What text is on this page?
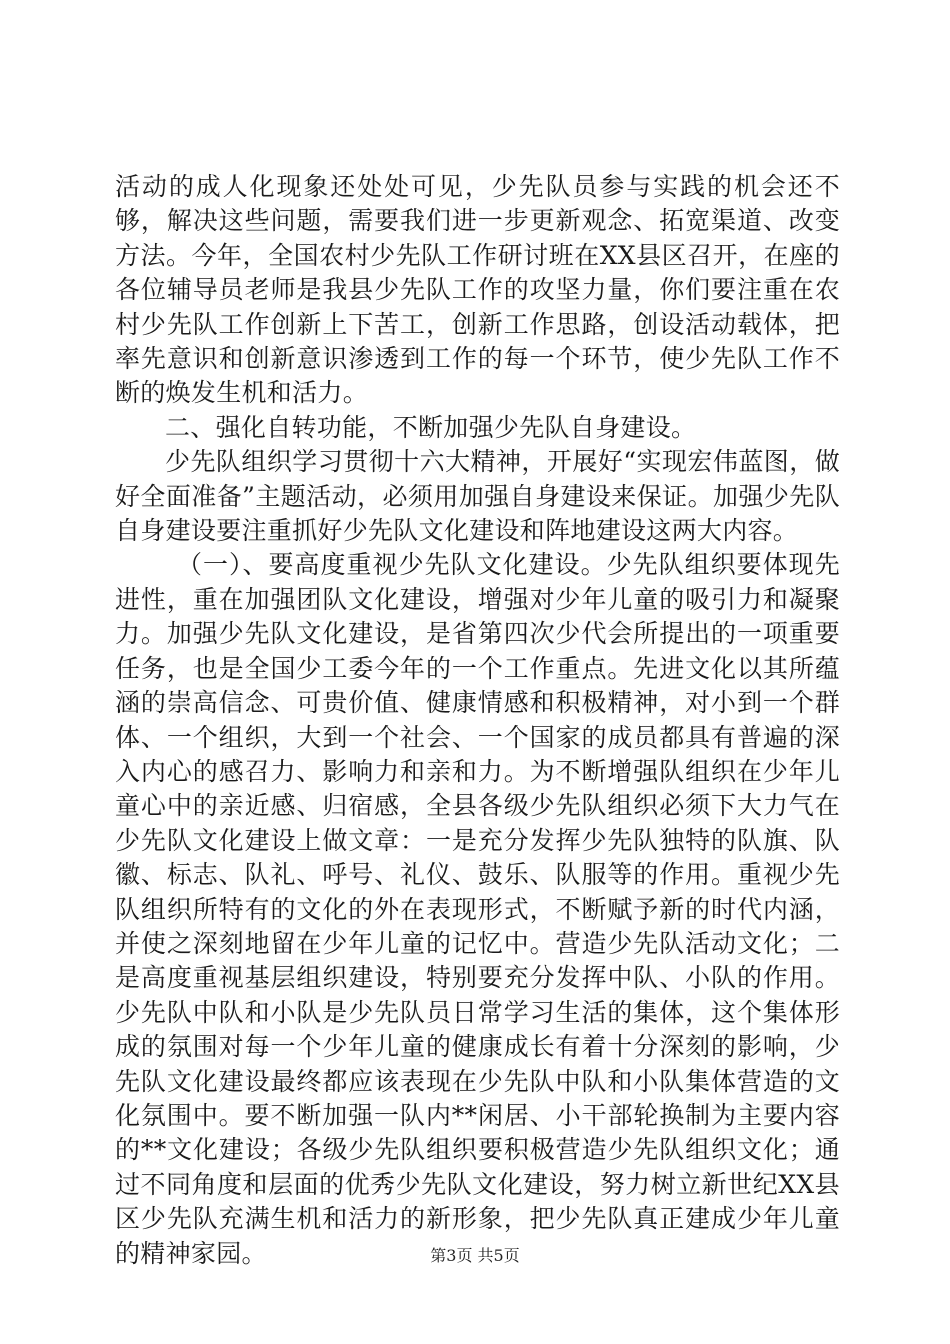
活动的成人化现象还处处可见，少先队员参与实践的机会还不够，解决这些问题，需要我们进一步更新观念、拓宽渠道、改变方法。今年，全国农村少先队工作研讨班在XX县区召开，在座的各位辅导员老师是我县少先队工作的攻坚力量，你们要注重在农村少先队工作创新上下苦工，创新工作思路，创设活动载体，把率先意识和创新意识渗透到工作的每一个环节，使少先队工作不断的焕发生机和活力。

二、强化自转功能，不断加强少先队自身建设。

少先队组织学习贯彻十六大精神，开展好“实现宏伟蓝图，做好全面准备”主题活动，必须用加强自身建设来保证。加强少先队自身建设要注重抓好少先队文化建设和阵地建设这两大内容。

（一）、要高度重视少先队文化建设。少先队组织要体现先进性，重在加强团队文化建设，增强对少年儿童的吸引力和凝聚力。加强少先队文化建设，是省第四次少代会所提出的一项重要任务，也是全国少工委今年的一个工作重点。先进文化以其所蕴涵的崇高信念、可贵价值、健康情感和积极精神，对小到一个群体、一个组织，大到一个社会、一个国家的成员都具有普遍的深入内心的感召力、影响力和亲和力。为不断增强队组织在少年儿童心中的亲近感、归宿感，全县各级少先队组织必须下大力气在少先队文化建设上做文章：一是充分发挥少先队独特的队旗、队徽、标志、队礼、呼号、礼仪、鼓乐、队服等的作用。重视少先队组织所特有的文化的外在表现形式，不断赋予新的时代内涵，并使之深刻地留在少年儿童的记忆中。营造少先队活动文化；二是高度重视基层组织建设，特别要充分发挥中队、小队的作用。少先队中队和小队是少先队员日常学习生活的集体，这个集体形成的氛围对每一个少年儿童的健康成长有着十分深刻的影响，少先队文化建设最终都应该表现在少先队中队和小队集体营造的文化氛围中。要不断加强一队内**闲居、小干部轮换制为主要内容的**文化建设；各级少先队组织要积极营造少先队组织文化；通过不同角度和层面的优秀少先队文化建设，努力树立新世纪XX县区少先队充满生机和活力的新形象，把少先队真正建成少年儿童的精神家园。	第3页 共5页
